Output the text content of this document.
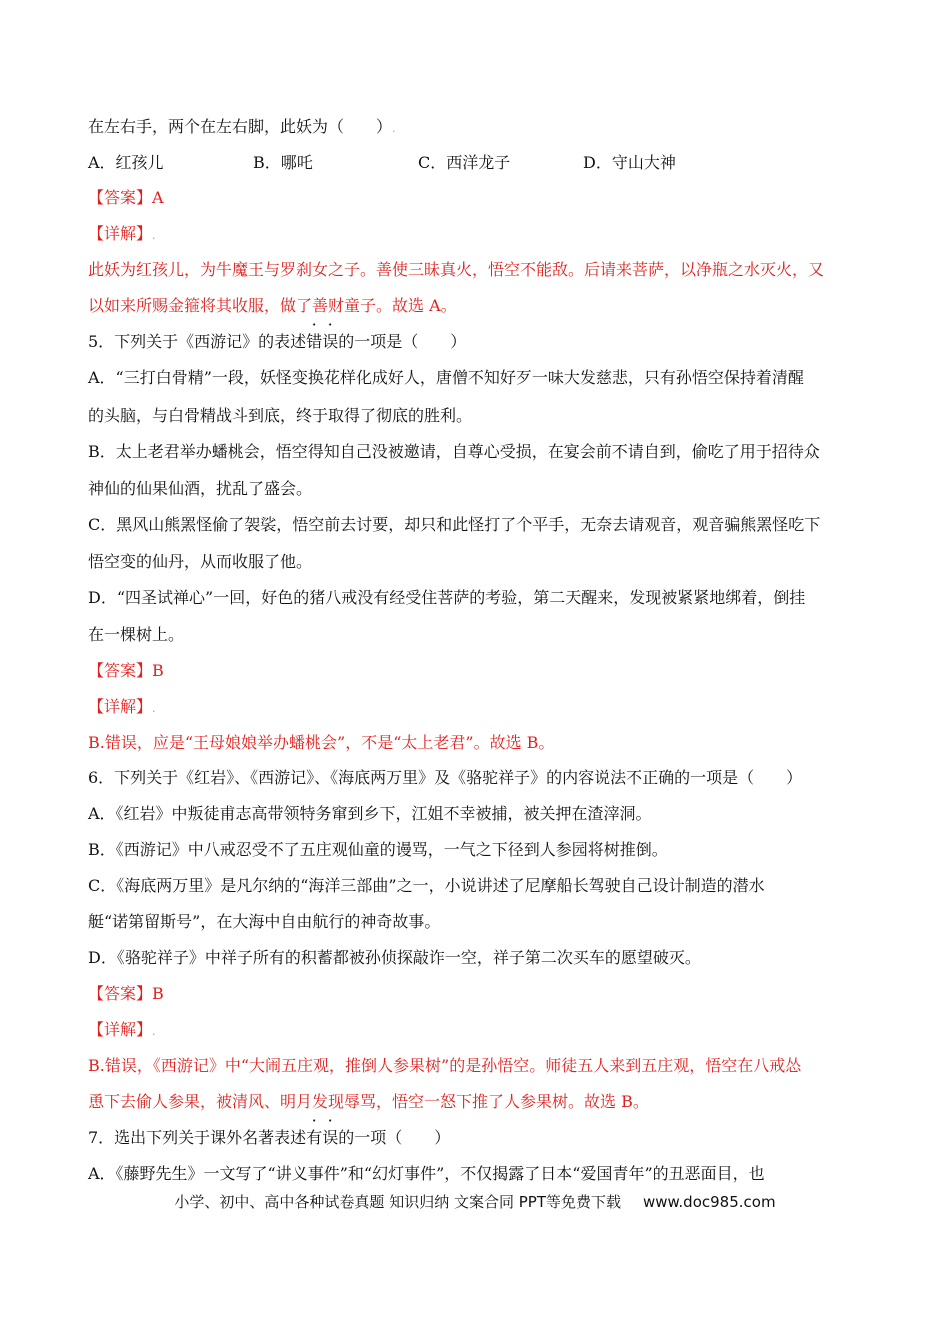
在左右手，两个在左右脚，此妖为（　　）.
A．红孩儿	B．哪吒	C．西洋龙子	D．守山大神
【答案】A
【详解】.
此妖为红孩儿，为牛魔王与罗刹女之子。善使三昧真火，悟空不能敌。后请来菩萨，以净瓶之水灭火，又
以如来所赐金箍将其收服，做了善财童子。故选 A。
5．下列关于《西游记》的表述错误的一项是（　　）
A．“三打白骨精”一段，妖怪变换花样化成好人，唐僧不知好歹一味大发慈悲，只有孙悟空保持着清醒
的头脑，与白骨精战斗到底，终于取得了彻底的胜利。
B．太上老君举办蟠桃会，悟空得知自己没被邀请，自尊心受损，在宴会前不请自到，偷吃了用于招待众
神仙的仙果仙酒，扰乱了盛会。
C．黑风山熊罴怪偷了袈裟，悟空前去讨要，却只和此怪打了个平手，无奈去请观音，观音骗熊罴怪吃下
悟空变的仙丹，从而收服了他。
D．“四圣试禅心”一回，好色的猪八戒没有经受住菩萨的考验，第二天醒来，发现被紧紧地绑着，倒挂
在一棵树上。
【答案】B
【详解】.
B.错误，应是“王母娘娘举办蟠桃会”，不是“太上老君”。故选 B。
6．下列关于《红岩》、《西游记》、《海底两万里》及《骆驼祥子》的内容说法不正确的一项是（　　）
A．《红岩》中叛徒甫志高带领特务窜到乡下，江姐不幸被捕，被关押在渣滓洞。
B．《西游记》中八戒忍受不了五庄观仙童的谩骂，一气之下径到人参园将树推倒。
C．《海底两万里》是凡尔纳的“海洋三部曲”之一，小说讲述了尼摩船长驾驶自己设计制造的潜水
艇“诺第留斯号”，在大海中自由航行的神奇故事。
D．《骆驼祥子》中祥子所有的积蓄都被孙侦探敲诈一空，祥子第二次买车的愿望破灭。
【答案】B
【详解】.
B.错误，《西游记》中“大闹五庄观，推倒人参果树”的是孙悟空。师徒五人来到五庄观，悟空在八戒怂
恿下去偷人参果，被清风、明月发现辱骂，悟空一怒下推了人参果树。故选 B。
7．选出下列关于课外名著表述有误的一项（　　）
A．《藤野先生》一文写了“讲义事件”和“幻灯事件”，不仅揭露了日本“爱国青年”的丑恶面目，也
小学、初中、高中各种试卷真题 知识归纳 文案合同 PPT等免费下载 www.doc985.com
